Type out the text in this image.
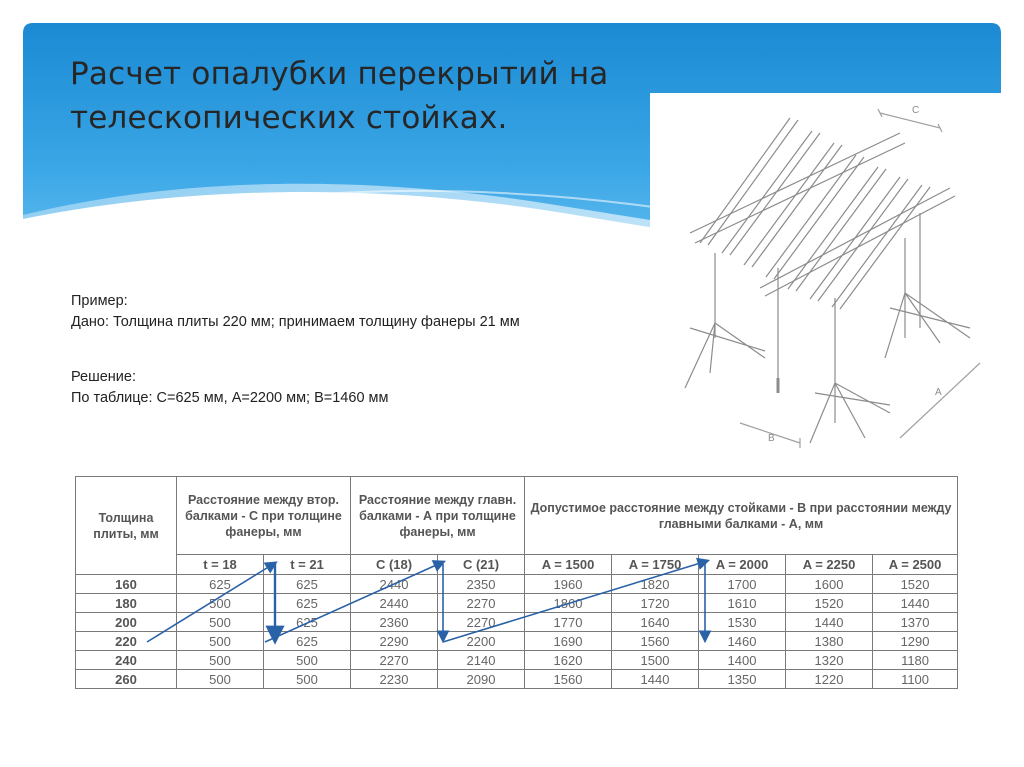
Расчет опалубки перекрытий на телескопических стойках.	C
A
B

Пример:

Дано: Толщина плиты 220 мм; принимаем толщину фанеры 21 мм

Решение:

По таблице: С=625 мм, А=2200 мм; В=1460 мм

Толщина плиты, мм	Расстояние между втор. балками - С при толщине фанеры, мм		Расстояние между главн. балками - А при толщине фанеры, мм		Допустимое расстояние между стойками - В при расстоянии между главными балками - А, мм				
	t = 18	t = 21	C (18)	C (21)	A = 1500	A = 1750	A = 2000	A = 2250	A = 2500
160	625	625	2440	2350	1960	1820	1700	1600	1520
180	500	625	2440	2270	1860	1720	1610	1520	1440
200	500	625	2360	2270	1770	1640	1530	1440	1370
220	500	625	2290	2200	1690	1560	1460	1380	1290
240	500	500	2270	2140	1620	1500	1400	1320	1180
260	500	500	2230	2090	1560	1440	1350	1220	1100
